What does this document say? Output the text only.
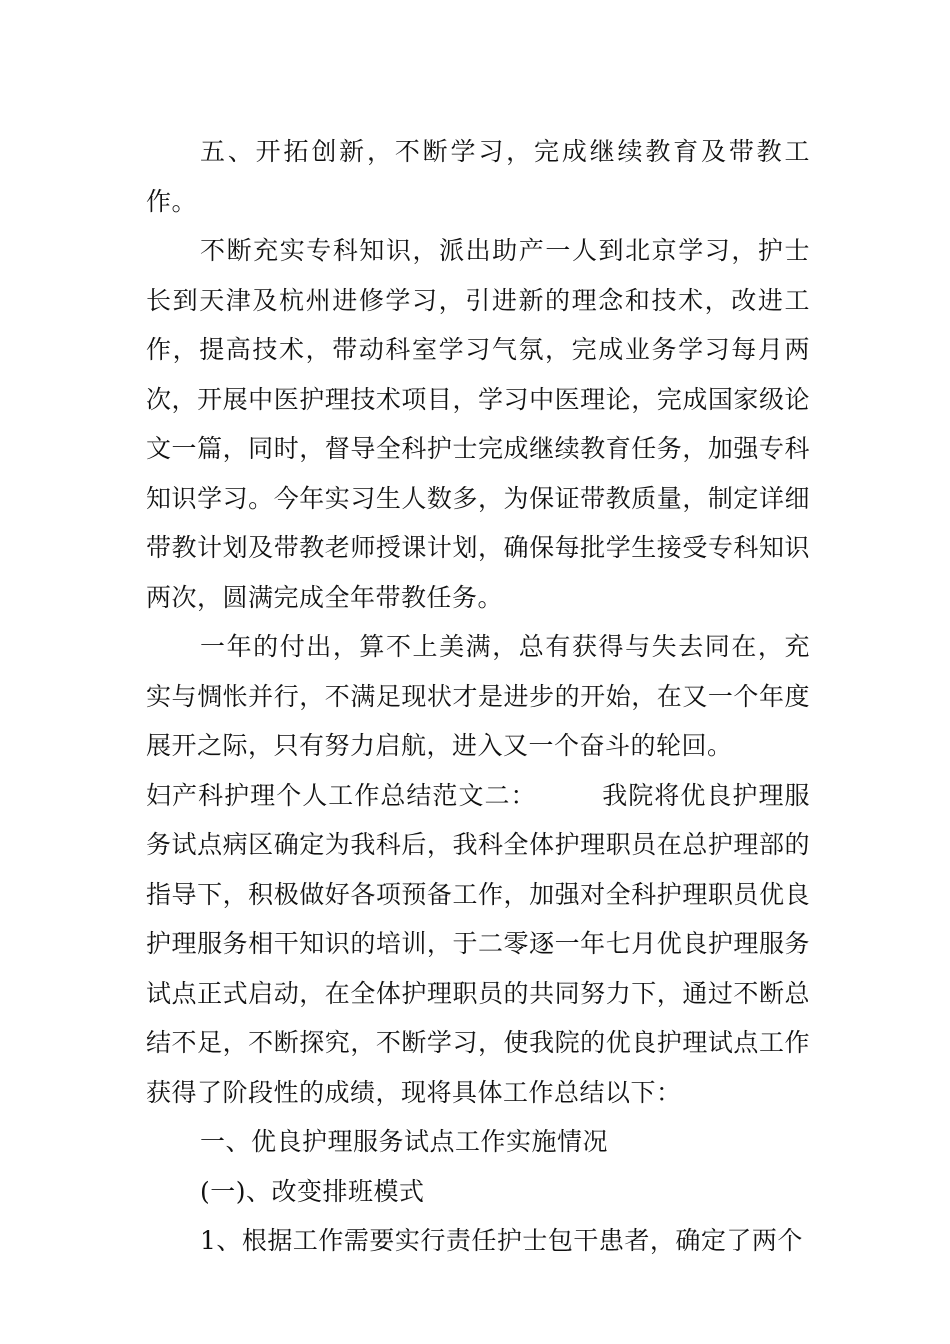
五、开拓创新，不断学习，完成继续教育及带教工作。

不断充实专科知识，派出助产一人到北京学习，护士长到天津及杭州进修学习，引进新的理念和技术，改进工作，提高技术，带动科室学习气氛，完成业务学习每月两次，开展中医护理技术项目，学习中医理论，完成国家级论文一篇，同时，督导全科护士完成继续教育任务，加强专科知识学习。今年实习生人数多，为保证带教质量，制定详细带教计划及带教老师授课计划，确保每批学生接受专科知识两次，圆满完成全年带教任务。

一年的付出，算不上美满，总有获得与失去同在，充实与惆怅并行，不满足现状才是进步的开始，在又一个年度展开之际，只有努力启航，进入又一个奋斗的轮回。

妇产科护理个人工作总结范文二：　　　我院将优良护理服务试点病区确定为我科后，我科全体护理职员在总护理部的指导下，积极做好各项预备工作，加强对全科护理职员优良护理服务相干知识的培训，于二零逐一年七月优良护理服务试点正式启动，在全体护理职员的共同努力下，通过不断总结不足，不断探究，不断学习，使我院的优良护理试点工作获得了阶段性的成绩，现将具体工作总结以下：

一、优良护理服务试点工作实施情况

(一)、改变排班模式

1、根据工作需要实行责任护士包干患者，确定了两个
